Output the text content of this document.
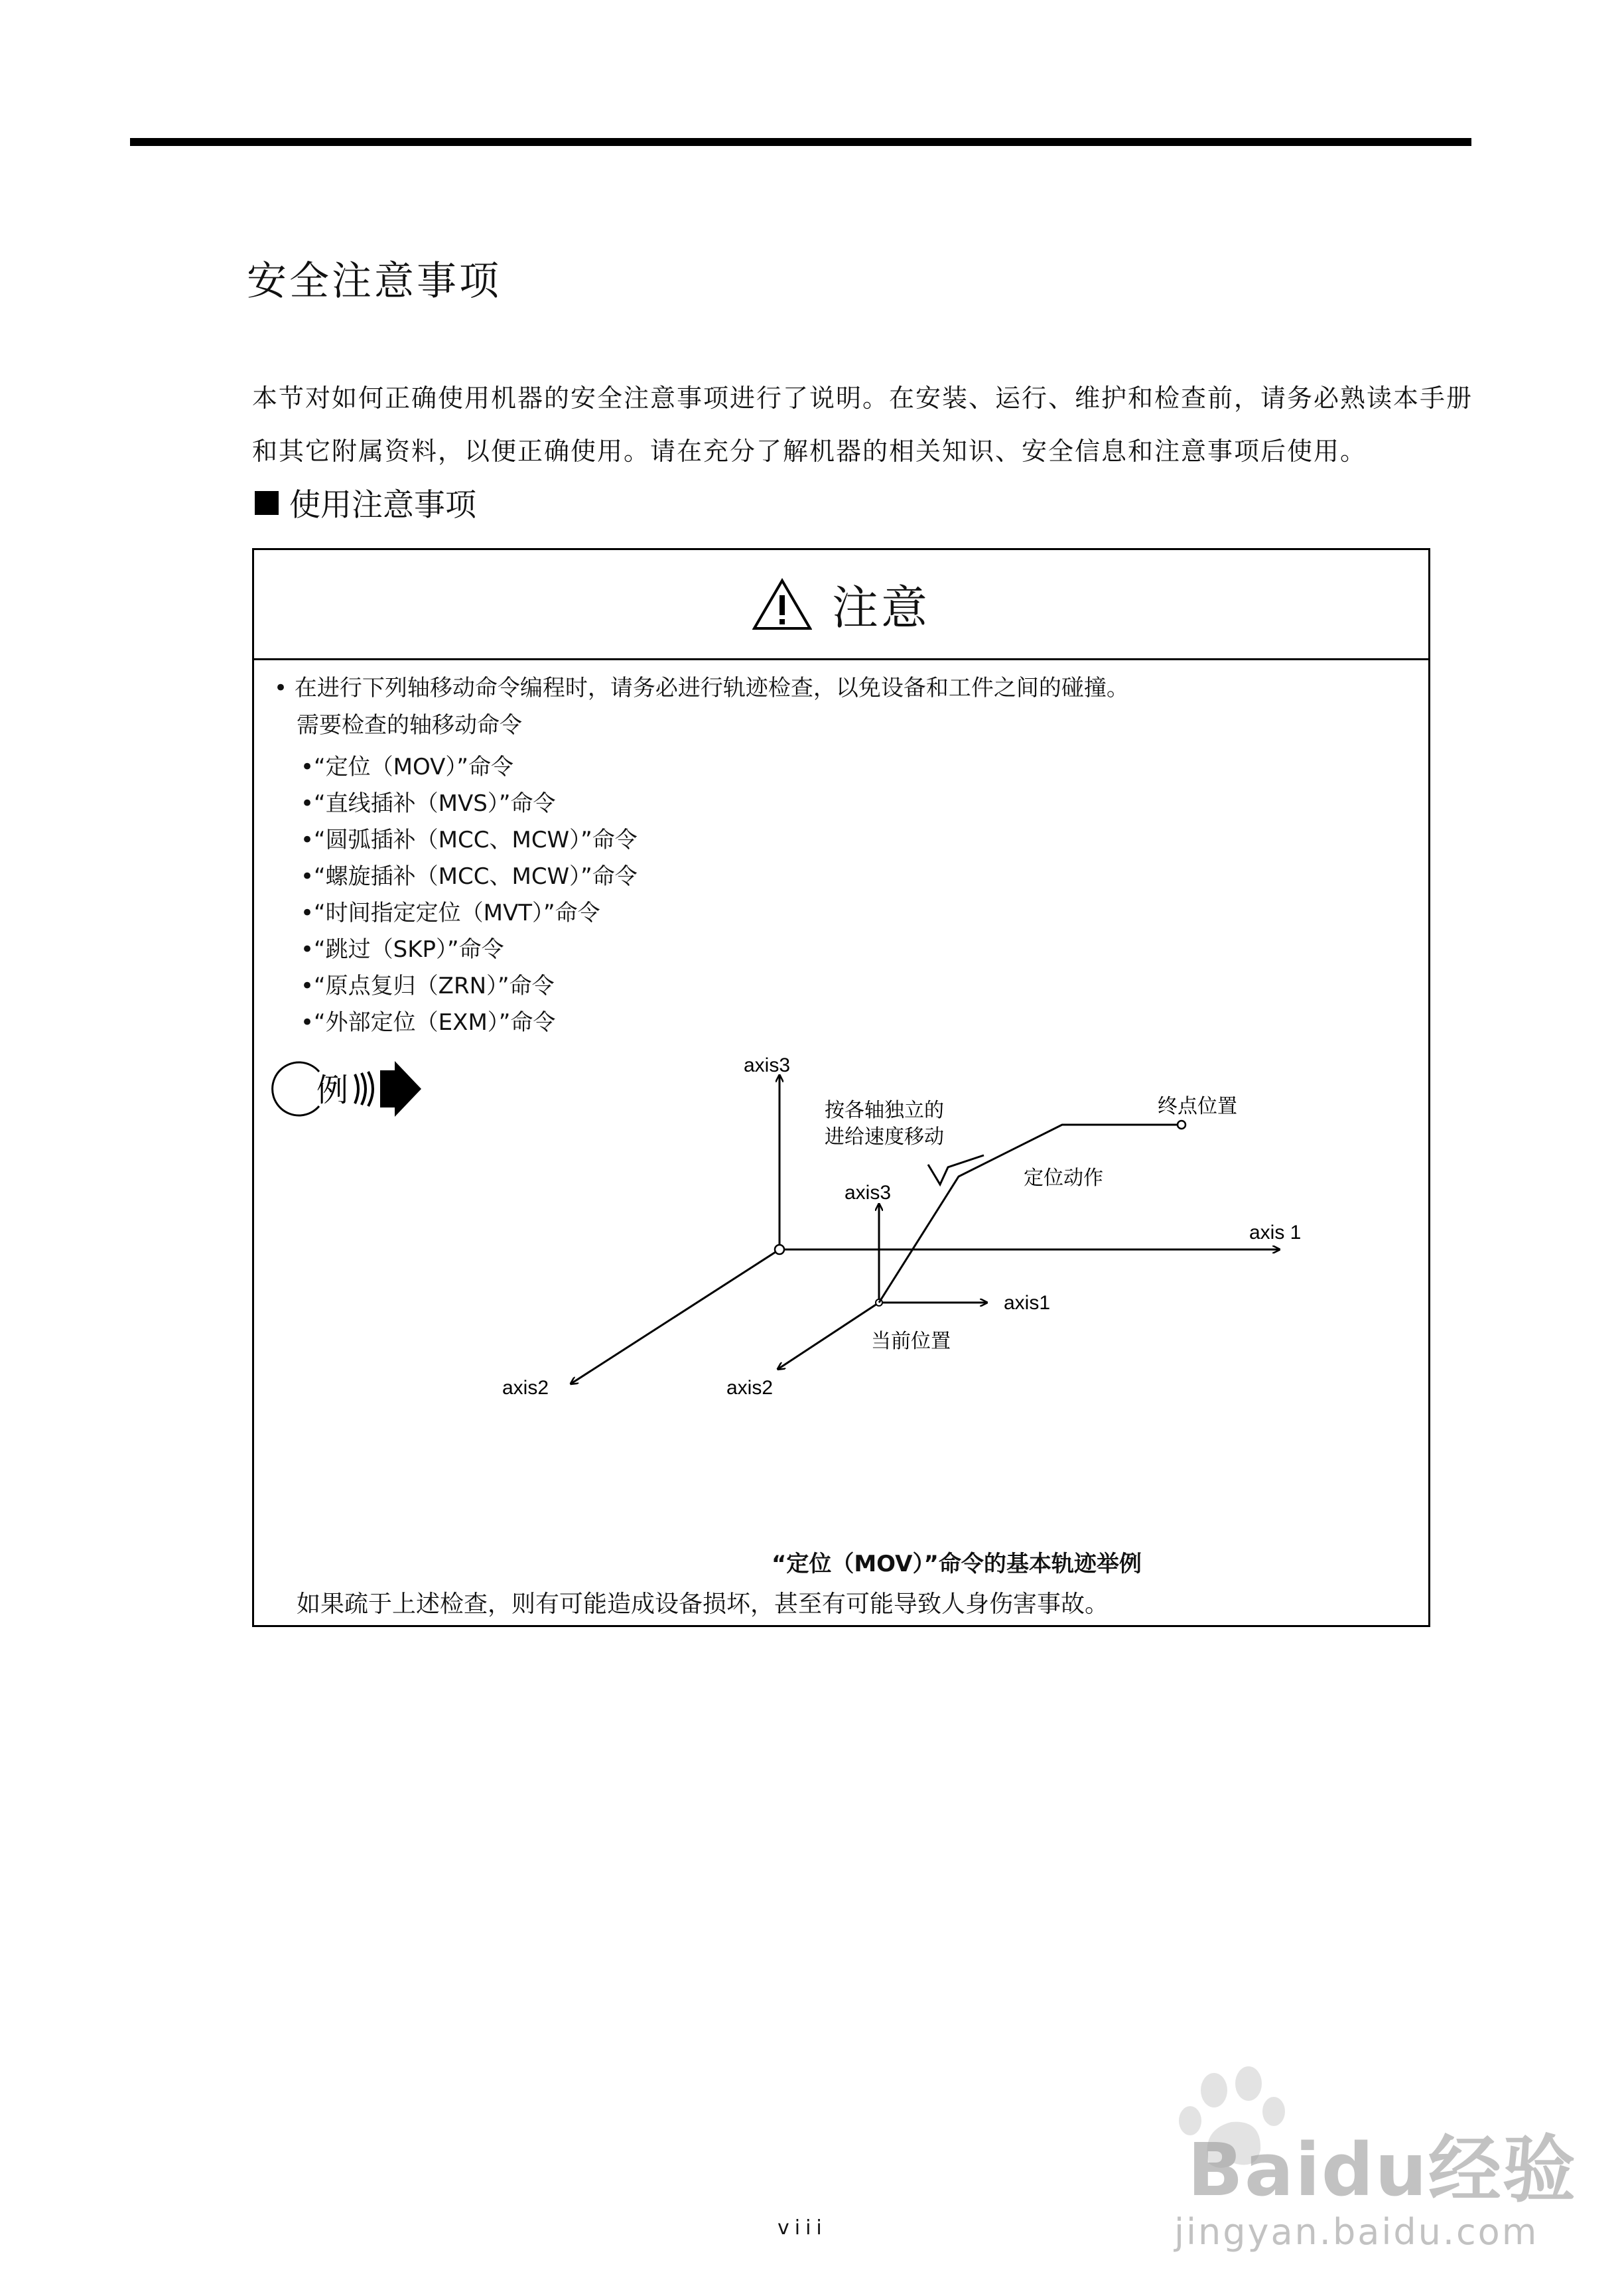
安全注意事项
本节对如何正确使用机器的安全注意事项进行了说明。在安装、运行、维护和检查前，请务必熟读本手册和其它附属资料，以便正确使用。请在充分了解机器的相关知识、安全信息和注意事项后使用。
使用注意事项
注意
• 在进行下列轴移动命令编程时，请务必进行轨迹检查，以免设备和工件之间的碰撞。
需要检查的轴移动命令
•“定位（MOV）”命令
•“直线插补（MVS）”命令
•“圆弧插补（MCC、MCW）”命令
•“螺旋插补（MCC、MCW）”命令
•“时间指定定位（MVT）”命令
•“跳过（SKP）”命令
•“原点复归（ZRN）”命令
•“外部定位（EXM）”命令
例
axis3
axis 1
axis2
axis3
axis1
axis2
按各轴独立的
进给速度移动
终点位置
定位动作
当前位置
“定位（MOV）”命令的基本轨迹举例
如果疏于上述检查，则有可能造成设备损坏，甚至有可能导致人身伤害事故。
viii
Baidu经验
jingyan.baidu.com
